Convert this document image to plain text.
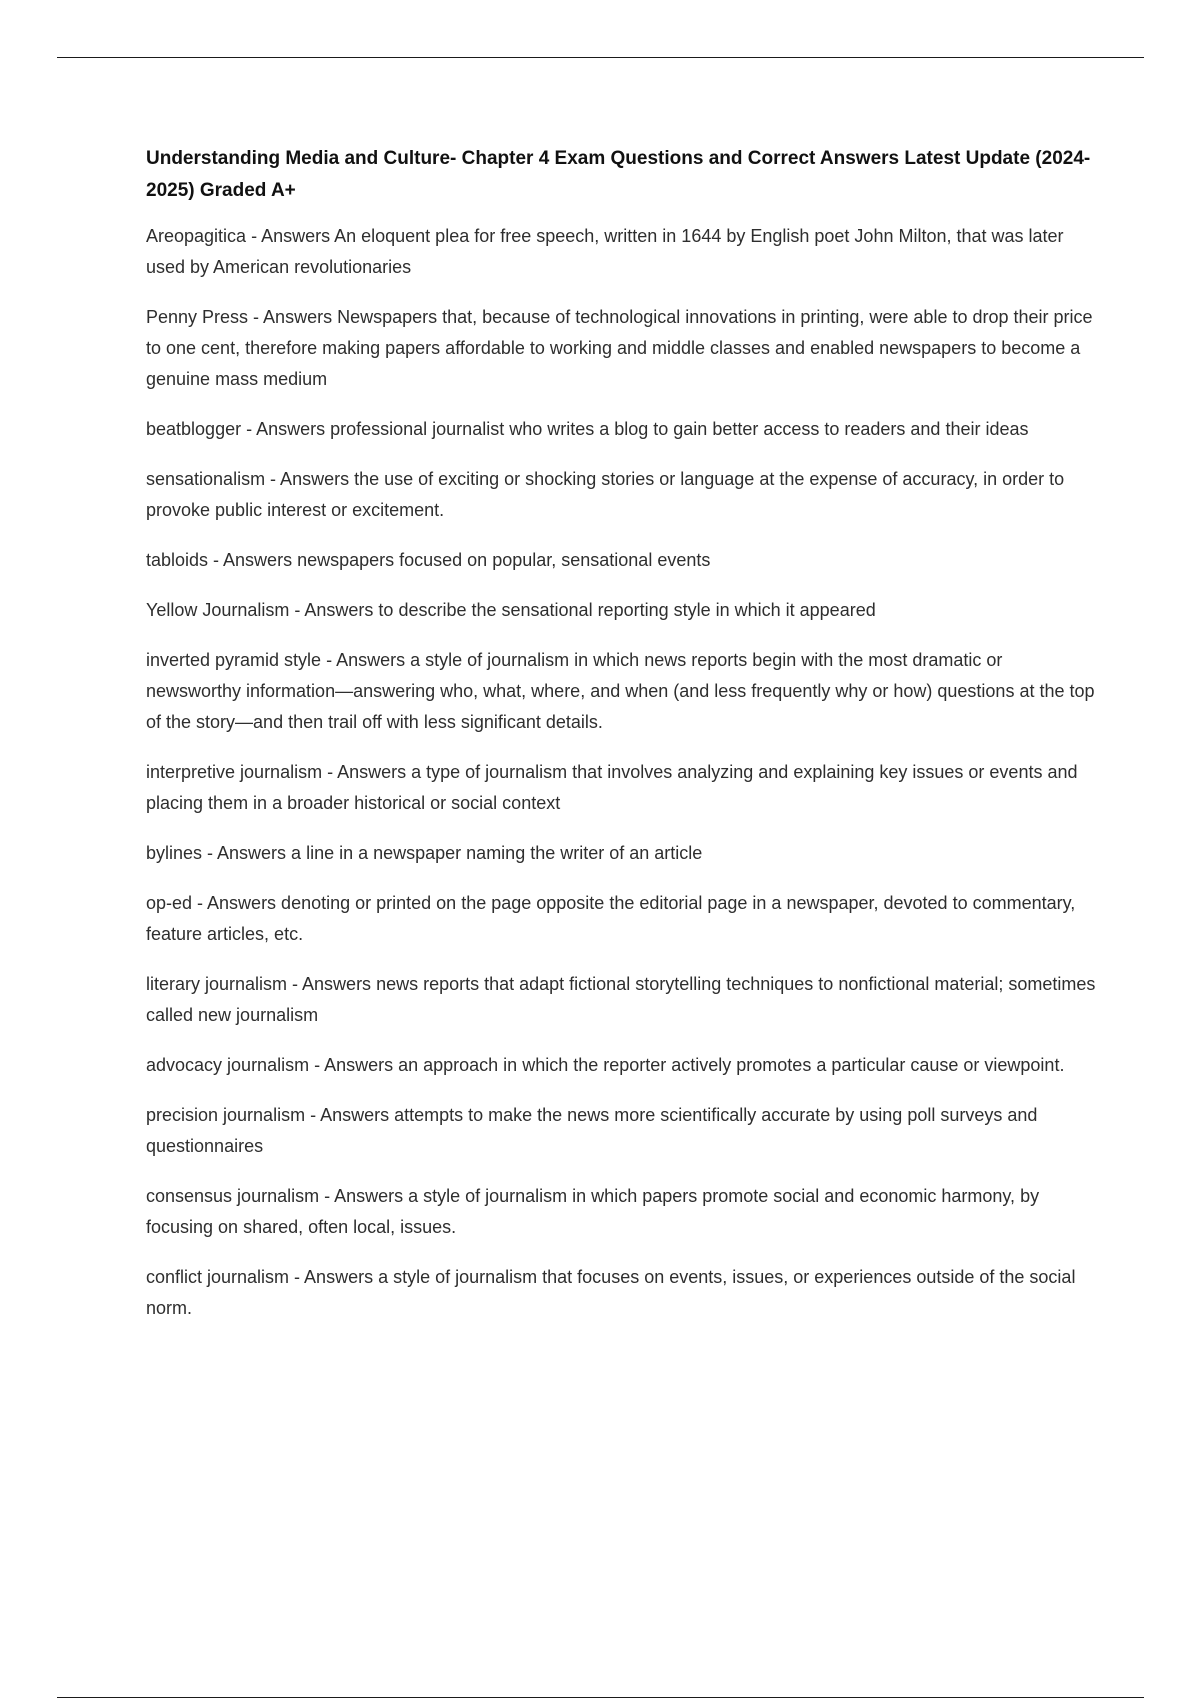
Understanding Media and Culture- Chapter 4 Exam Questions and Correct Answers Latest Update (2024-2025) Graded A+

Areopagitica - Answers An eloquent plea for free speech, written in 1644 by English poet John Milton, that was later used by American revolutionaries

Penny Press - Answers Newspapers that, because of technological innovations in printing, were able to drop their price to one cent, therefore making papers affordable to working and middle classes and enabled newspapers to become a genuine mass medium

beatblogger - Answers professional journalist who writes a blog to gain better access to readers and their ideas

sensationalism - Answers the use of exciting or shocking stories or language at the expense of accuracy, in order to provoke public interest or excitement.

tabloids - Answers newspapers focused on popular, sensational events

Yellow Journalism - Answers to describe the sensational reporting style in which it appeared

inverted pyramid style - Answers a style of journalism in which news reports begin with the most dramatic or newsworthy information—answering who, what, where, and when (and less frequently why or how) questions at the top of the story—and then trail off with less significant details.

interpretive journalism - Answers a type of journalism that involves analyzing and explaining key issues or events and placing them in a broader historical or social context

bylines - Answers a line in a newspaper naming the writer of an article

op-ed - Answers denoting or printed on the page opposite the editorial page in a newspaper, devoted to commentary, feature articles, etc.

literary journalism - Answers news reports that adapt fictional storytelling techniques to nonfictional material; sometimes called new journalism

advocacy journalism - Answers an approach in which the reporter actively promotes a particular cause or viewpoint.

precision journalism - Answers attempts to make the news more scientifically accurate by using poll surveys and questionnaires

consensus journalism - Answers a style of journalism in which papers promote social and economic harmony, by focusing on shared, often local, issues.

conflict journalism - Answers a style of journalism that focuses on events, issues, or experiences outside of the social norm.
